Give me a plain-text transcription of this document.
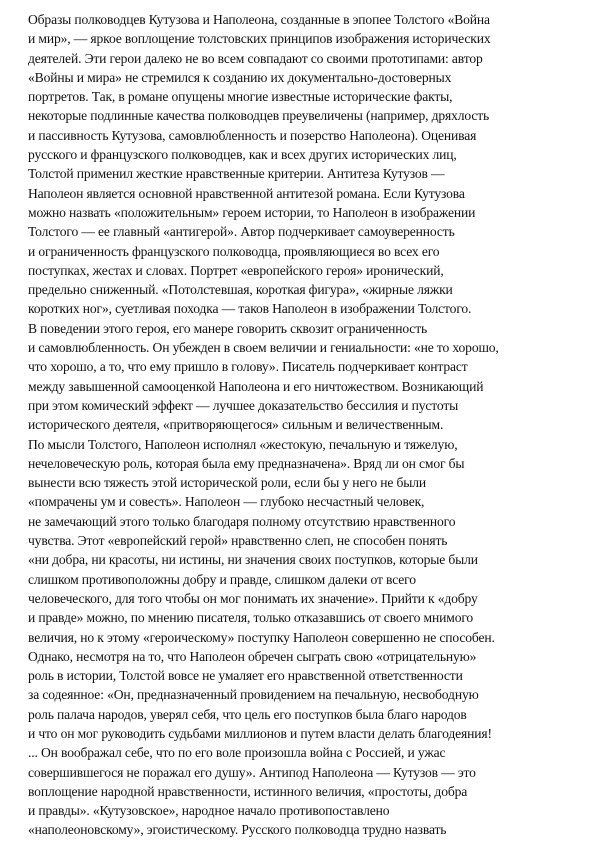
Образы полководцев Кутузова и Наполеона, созданные в эпопее Толстого «Война
и мир», — яркое воплощение толстовских принципов изображения исторических
деятелей. Эти герои далеко не во всем совпадают со своими прототипами: автор
«Войны и мира» не стремился к созданию их документально-достоверных
портретов. Так, в романе опущены многие известные исторические факты,
некоторые подлинные качества полководцев преувеличены (например, дряхлость
и пассивность Кутузова, самовлюбленность и позерство Наполеона). Оценивая
русского и французского полководцев, как и всех других исторических лиц,
Толстой применил жесткие нравственные критерии. Антитеза Кутузов —
Наполеон является основной нравственной антитезой романа. Если Кутузова
можно назвать «положительным» героем истории, то Наполеон в изображении
Толстого — ее главный «антигерой». Автор подчеркивает самоуверенность
и ограниченность французского полководца, проявляющиеся во всех его
поступках, жестах и словах. Портрет «европейского героя» иронический,
предельно сниженный. «Потолстевшая, короткая фигура», «жирные ляжки
коротких ног», суетливая походка — таков Наполеон в изображении Толстого.
В поведении этого героя, его манере говорить сквозит ограниченность
и самовлюбленность. Он убежден в своем величии и гениальности: «не то хорошо,
что хорошо, а то, что ему пришло в голову». Писатель подчеркивает контраст
между завышенной самооценкой Наполеона и его ничтожеством. Возникающий
при этом комический эффект — лучшее доказательство бессилия и пустоты
исторического деятеля, «притворяющегося» сильным и величественным.
По мысли Толстого, Наполеон исполнял «жестокую, печальную и тяжелую,
нечеловеческую роль, которая была ему предназначена». Вряд ли он смог бы
вынести всю тяжесть этой исторической роли, если бы у него не были
«помрачены ум и совесть». Наполеон — глубоко несчастный человек,
не замечающий этого только благодаря полному отсутствию нравственного
чувства. Этот «европейский герой» нравственно слеп, не способен понять
«ни добра, ни красоты, ни истины, ни значения своих поступков, которые были
слишком противоположны добру и правде, слишком далеки от всего
человеческого, для того чтобы он мог понимать их значение». Прийти к «добру
и правде» можно, по мнению писателя, только отказавшись от своего мнимого
величия, но к этому «героическому» поступку Наполеон совершенно не способен.
Однако, несмотря на то, что Наполеон обречен сыграть свою «отрицательную»
роль в истории, Толстой вовсе не умаляет его нравственной ответственности
за содеянное: «Он, предназначенный провидением на печальную, несвободную
роль палача народов, уверял себя, что цель его поступков была благо народов
и что он мог руководить судьбами миллионов и путем власти делать благодеяния!
... Он воображал себе, что по его воле произошла война с Россией, и ужас
совершившегося не поражал его душу». Антипод Наполеона — Кутузов — это
воплощение народной нравственности, истинного величия, «простоты, добра
и правды». «Кутузовское», народное начало противопоставлено
«наполеоновскому», эгоистическому. Русского полководца трудно назвать
